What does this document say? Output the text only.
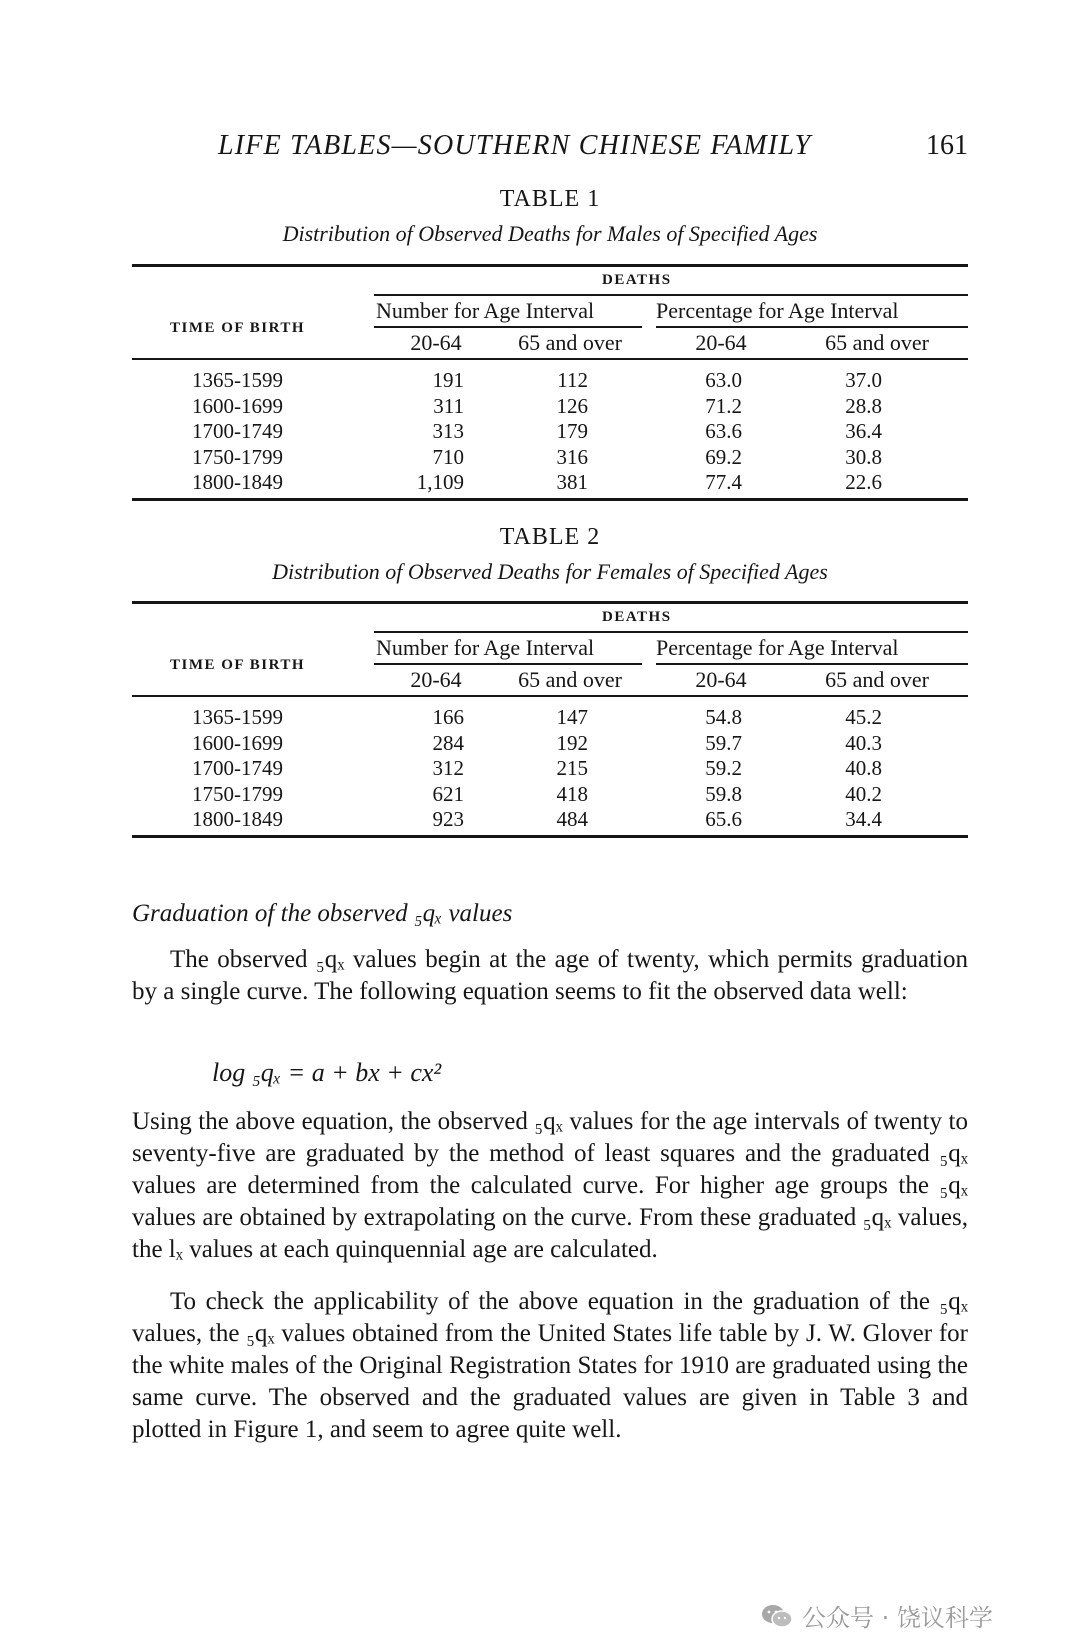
LIFE TABLES—SOUTHERN CHINESE FAMILY	161
TABLE 1
Distribution of Observed Deaths for Males of Specified Ages
DEATHS
TIME OF BIRTH
Number for Age Interval	Percentage for Age Interval
20-64	65 and over	20-64	65 and over
1365-1599	191	112	63.0	37.0
1600-1699	311	126	71.2	28.8
1700-1749	313	179	63.6	36.4
1750-1799	710	316	69.2	30.8
1800-1849	1,109	381	77.4	22.6
TABLE 2
Distribution of Observed Deaths for Females of Specified Ages
DEATHS
TIME OF BIRTH
Number for Age Interval	Percentage for Age Interval
20-64	65 and over	20-64	65 and over
1365-1599	166	147	54.8	45.2
1600-1699	284	192	59.7	40.3
1700-1749	312	215	59.2	40.8
1750-1799	621	418	59.8	40.2
1800-1849	923	484	65.6	34.4
Graduation of the observed ₅qₓ values

The observed ₅qₓ values begin at the age of twenty, which permits graduation by a single curve. The following equation seems to fit the observed data well:

log ₅qₓ = a + bx + cx²

Using the above equation, the observed ₅qₓ values for the age intervals of twenty to seventy-five are graduated by the method of least squares and the graduated ₅qₓ values are determined from the calculated curve. For higher age groups the ₅qₓ values are obtained by extrapolating on the curve. From these graduated ₅qₓ values, the lₓ values at each quinquennial age are calculated.

To check the applicability of the above equation in the graduation of the ₅qₓ values, the ₅qₓ values obtained from the United States life table by J. W. Glover for the white males of the Original Registration States for 1910 are graduated using the same curve. The observed and the graduated values are given in Table 3 and plotted in Figure 1, and seem to agree quite well.

公众号 · 饶议科学
